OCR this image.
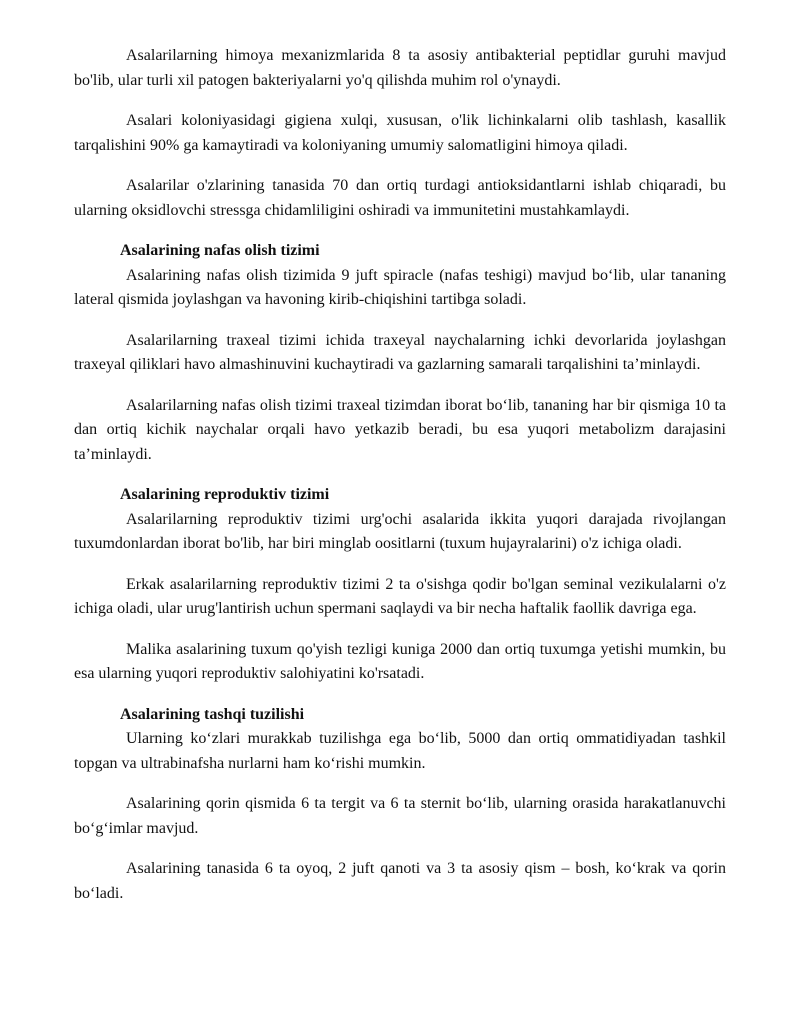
Asalarilarning himoya mexanizmlarida 8 ta asosiy antibakterial peptidlar guruhi mavjud bo'lib, ular turli xil patogen bakteriyalarni yo'q qilishda muhim rol o'ynaydi.

Asalari koloniyasidagi gigiena xulqi, xususan, o'lik lichinkalarni olib tashlash, kasallik tarqalishini 90% ga kamaytiradi va koloniyaning umumiy salomatligini himoya qiladi.

Asalarilar o'zlarining tanasida 70 dan ortiq turdagi antioksidantlarni ishlab chiqaradi, bu ularning oksidlovchi stressga chidamliligini oshiradi va immunitetini mustahkamlaydi.

Asalarining nafas olish tizimi

Asalarining nafas olish tizimida 9 juft spiracle (nafas teshigi) mavjud bo‘lib, ular tananing lateral qismida joylashgan va havoning kirib-chiqishini tartibga soladi.

Asalarilarning traxeal tizimi ichida traxeyal naychalarning ichki devorlarida joylashgan traxeyal qiliklari havo almashinuvini kuchaytiradi va gazlarning samarali tarqalishini ta’minlaydi.

Asalarilarning nafas olish tizimi traxeal tizimdan iborat bo‘lib, tananing har bir qismiga 10 ta dan ortiq kichik naychalar orqali havo yetkazib beradi, bu esa yuqori metabolizm darajasini ta’minlaydi.

Asalarining reproduktiv tizimi

Asalarilarning reproduktiv tizimi urg'ochi asalarida ikkita yuqori darajada rivojlangan tuxumdonlardan iborat bo'lib, har biri minglab oositlarni (tuxum hujayralarini) o'z ichiga oladi.

Erkak asalarilarning reproduktiv tizimi 2 ta o'sishga qodir bo'lgan seminal vezikulalarni o'z ichiga oladi, ular urug'lantirish uchun spermani saqlaydi va bir necha haftalik faollik davriga ega.

Malika asalarining tuxum qo'yish tezligi kuniga 2000 dan ortiq tuxumga yetishi mumkin, bu esa ularning yuqori reproduktiv salohiyatini ko'rsatadi.

Asalarining tashqi tuzilishi

Ularning ko‘zlari murakkab tuzilishga ega bo‘lib, 5000 dan ortiq ommatidiyadan tashkil topgan va ultrabinafsha nurlarni ham ko‘rishi mumkin.

Asalarining qorin qismida 6 ta tergit va 6 ta sternit bo‘lib, ularning orasida harakatlanuvchi bo‘g‘imlar mavjud.

Asalarining tanasida 6 ta oyoq, 2 juft qanoti va 3 ta asosiy qism – bosh, ko‘krak va qorin bo‘ladi.
